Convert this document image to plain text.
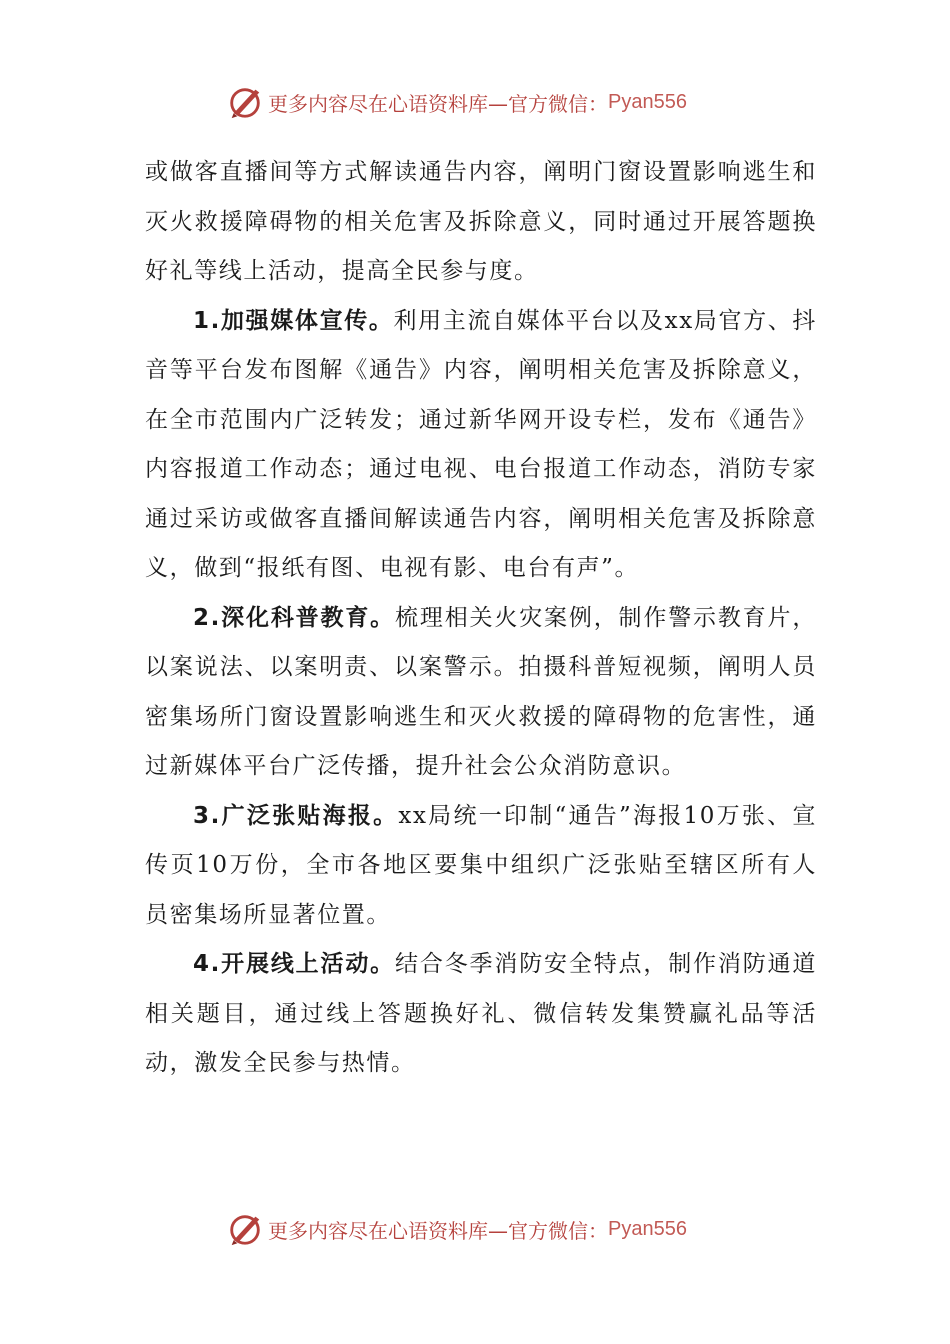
更多内容尽在心语资料库—官方微信： Pyan556

或做客直播间等方式解读通告内容，阐明门窗设置影响逃生和灭火救援障碍物的相关危害及拆除意义，同时通过开展答题换好礼等线上活动，提高全民参与度。

1.加强媒体宣传。利用主流自媒体平台以及xx局官方、抖音等平台发布图解《通告》内容，阐明相关危害及拆除意义，在全市范围内广泛转发；通过新华网开设专栏，发布《通告》内容报道工作动态；通过电视、电台报道工作动态，消防专家通过采访或做客直播间解读通告内容，阐明相关危害及拆除意义，做到“报纸有图、电视有影、电台有声”。

2.深化科普教育。梳理相关火灾案例，制作警示教育片，以案说法、以案明责、以案警示。拍摄科普短视频，阐明人员密集场所门窗设置影响逃生和灭火救援的障碍物的危害性，通过新媒体平台广泛传播，提升社会公众消防意识。

3.广泛张贴海报。xx局统一印制“通告”海报10万张、宣传页10万份，全市各地区要集中组织广泛张贴至辖区所有人员密集场所显著位置。

4.开展线上活动。结合冬季消防安全特点，制作消防通道相关题目，通过线上答题换好礼、微信转发集赞赢礼品等活动，激发全民参与热情。

更多内容尽在心语资料库—官方微信： Pyan556
